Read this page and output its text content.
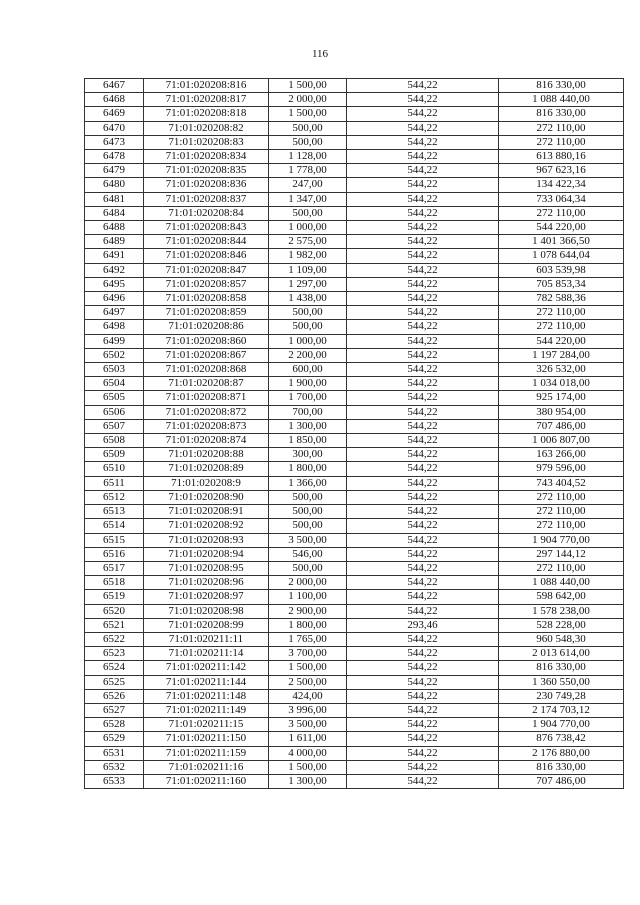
116
6467	71:01:020208:816	1 500,00	544,22	816 330,00
6468	71:01:020208:817	2 000,00	544,22	1 088 440,00
6469	71:01:020208:818	1 500,00	544,22	816 330,00
6470	71:01:020208:82	500,00	544,22	272 110,00
6473	71:01:020208:83	500,00	544,22	272 110,00
6478	71:01:020208:834	1 128,00	544,22	613 880,16
6479	71:01:020208:835	1 778,00	544,22	967 623,16
6480	71:01:020208:836	247,00	544,22	134 422,34
6481	71:01:020208:837	1 347,00	544,22	733 064,34
6484	71:01:020208:84	500,00	544,22	272 110,00
6488	71:01:020208:843	1 000,00	544,22	544 220,00
6489	71:01:020208:844	2 575,00	544,22	1 401 366,50
6491	71:01:020208:846	1 982,00	544,22	1 078 644,04
6492	71:01:020208:847	1 109,00	544,22	603 539,98
6495	71:01:020208:857	1 297,00	544,22	705 853,34
6496	71:01:020208:858	1 438,00	544,22	782 588,36
6497	71:01:020208:859	500,00	544,22	272 110,00
6498	71:01:020208:86	500,00	544,22	272 110,00
6499	71:01:020208:860	1 000,00	544,22	544 220,00
6502	71:01:020208:867	2 200,00	544,22	1 197 284,00
6503	71:01:020208:868	600,00	544,22	326 532,00
6504	71:01:020208:87	1 900,00	544,22	1 034 018,00
6505	71:01:020208:871	1 700,00	544,22	925 174,00
6506	71:01:020208:872	700,00	544,22	380 954,00
6507	71:01:020208:873	1 300,00	544,22	707 486,00
6508	71:01:020208:874	1 850,00	544,22	1 006 807,00
6509	71:01:020208:88	300,00	544,22	163 266,00
6510	71:01:020208:89	1 800,00	544,22	979 596,00
6511	71:01:020208:9	1 366,00	544,22	743 404,52
6512	71:01:020208:90	500,00	544,22	272 110,00
6513	71:01:020208:91	500,00	544,22	272 110,00
6514	71:01:020208:92	500,00	544,22	272 110,00
6515	71:01:020208:93	3 500,00	544,22	1 904 770,00
6516	71:01:020208:94	546,00	544,22	297 144,12
6517	71:01:020208:95	500,00	544,22	272 110,00
6518	71:01:020208:96	2 000,00	544,22	1 088 440,00
6519	71:01:020208:97	1 100,00	544,22	598 642,00
6520	71:01:020208:98	2 900,00	544,22	1 578 238,00
6521	71:01:020208:99	1 800,00	293,46	528 228,00
6522	71:01:020211:11	1 765,00	544,22	960 548,30
6523	71:01:020211:14	3 700,00	544,22	2 013 614,00
6524	71:01:020211:142	1 500,00	544,22	816 330,00
6525	71:01:020211:144	2 500,00	544,22	1 360 550,00
6526	71:01:020211:148	424,00	544,22	230 749,28
6527	71:01:020211:149	3 996,00	544,22	2 174 703,12
6528	71:01:020211:15	3 500,00	544,22	1 904 770,00
6529	71:01:020211:150	1 611,00	544,22	876 738,42
6531	71:01:020211:159	4 000,00	544,22	2 176 880,00
6532	71:01:020211:16	1 500,00	544,22	816 330,00
6533	71:01:020211:160	1 300,00	544,22	707 486,00
